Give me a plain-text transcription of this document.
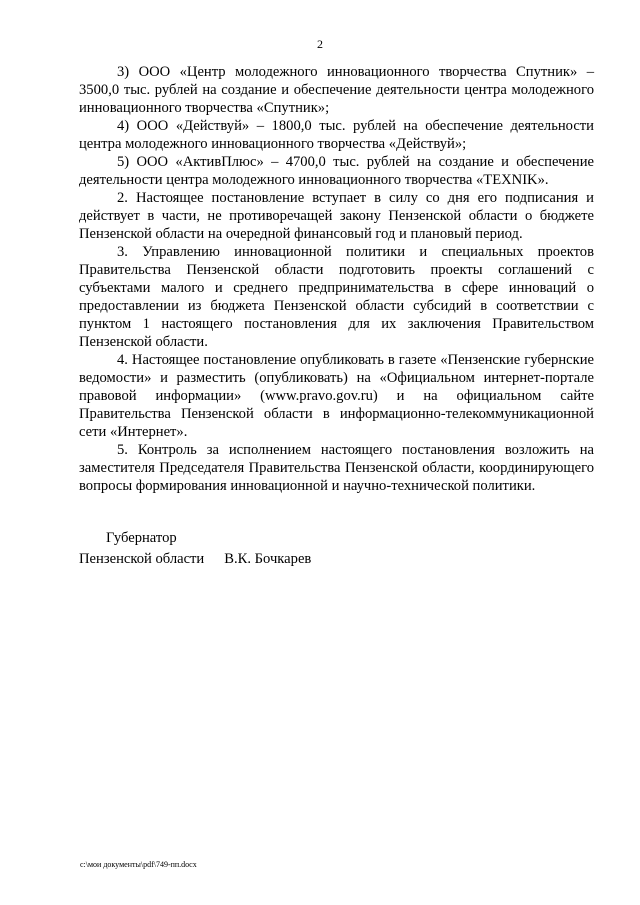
2

3) ООО «Центр молодежного инновационного творчества Спутник» – 3500,0 тыс. рублей на создание и обеспечение деятельности центра молодежного инновационного творчества «Спутник»;

4) ООО «Действуй» – 1800,0 тыс. рублей на обеспечение деятельности центра молодежного инновационного творчества «Действуй»;

5) ООО «АктивПлюс» – 4700,0 тыс. рублей на создание и обеспечение деятельности центра молодежного инновационного творчества «TEXNIK».

2. Настоящее постановление вступает в силу со дня его подписания и действует в части, не противоречащей закону Пензенской области о бюджете Пензенской области на очередной финансовый год и плановый период.

3. Управлению инновационной политики и специальных проектов Правительства Пензенской области подготовить проекты соглашений с субъектами малого и среднего предпринимательства в сфере инноваций о предоставлении из бюджета Пензенской области субсидий в соответствии с пунктом 1 настоящего постановления для их заключения Правительством Пензенской области.

4. Настоящее постановление опубликовать в газете «Пензенские губернские ведомости» и разместить (опубликовать) на «Официальном интернет-портале правовой информации» (www.pravo.gov.ru) и на официальном сайте Правительства Пензенской области в информационно-телекоммуникационной сети «Интернет».

5. Контроль за исполнением настоящего постановления возложить на заместителя Председателя Правительства Пензенской области, координирующего вопросы формирования инновационной и научно-технической политики.

Губернатор
Пензенской области В.К. Бочкарев
c:\мои документы\pdf\749-пп.docx
